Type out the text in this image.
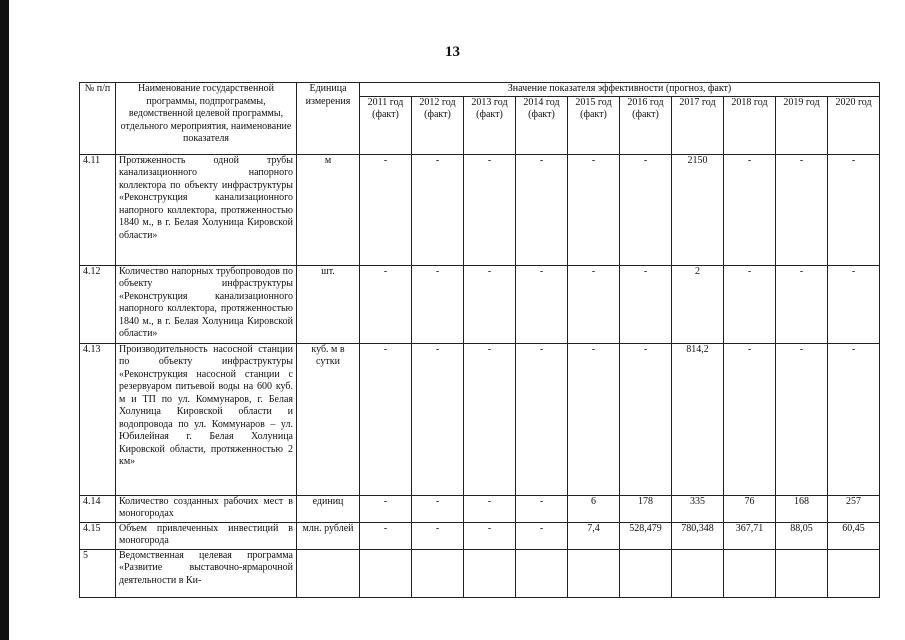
13
№ п/п	Наименование государственной программы, подпрограммы, ведомственной целевой программы, отдельного мероприятия, наименование показателя	Единица измерения	Значение показателя эффективности (прогноз, факт)									
			2011 год (факт)	2012 год (факт)	2013 год (факт)	2014 год (факт)	2015 год (факт)	2016 год (факт)	2017 год	2018 год	2019 год	2020 год
4.11	Протяженность одной трубы канализационного напорного коллектора по объекту инфраструктуры «Реконструкция канализационного напорного коллектора, протяженностью 1840 м., в г. Белая Холуница Кировской области»	м	-	-	-	-	-	-	2150	-	-	-
4.12	Количество напорных трубопроводов по объекту инфраструктуры «Реконструкция канализационного напорного коллектора, протяженностью 1840 м., в г. Белая Холуница Кировской области»	шт.	-	-	-	-	-	-	2	-	-	-
4.13	Производительность насосной станции по объекту инфраструктуры «Реконструкция насосной станции с резервуаром питьевой воды на 600 куб. м и ТП по ул. Коммунаров, г. Белая Холуница Кировской области и водопровода по ул. Коммунаров – ул. Юбилейная г. Белая Холуница Кировской области, протяженностью 2 км»	куб. м в сутки	-	-	-	-	-	-	814,2	-	-	-
4.14	Количество созданных рабочих мест в моногородах	единиц	-	-	-	-	6	178	335	76	168	257
4.15	Объем привлеченных инвестиций в моногорода	млн. рублей	-	-	-	-	7,4	528,479	780,348	367,71	88,05	60,45
5	Ведомственная целевая программа «Развитие выставочно-ярмарочной деятельности в Ки-											
